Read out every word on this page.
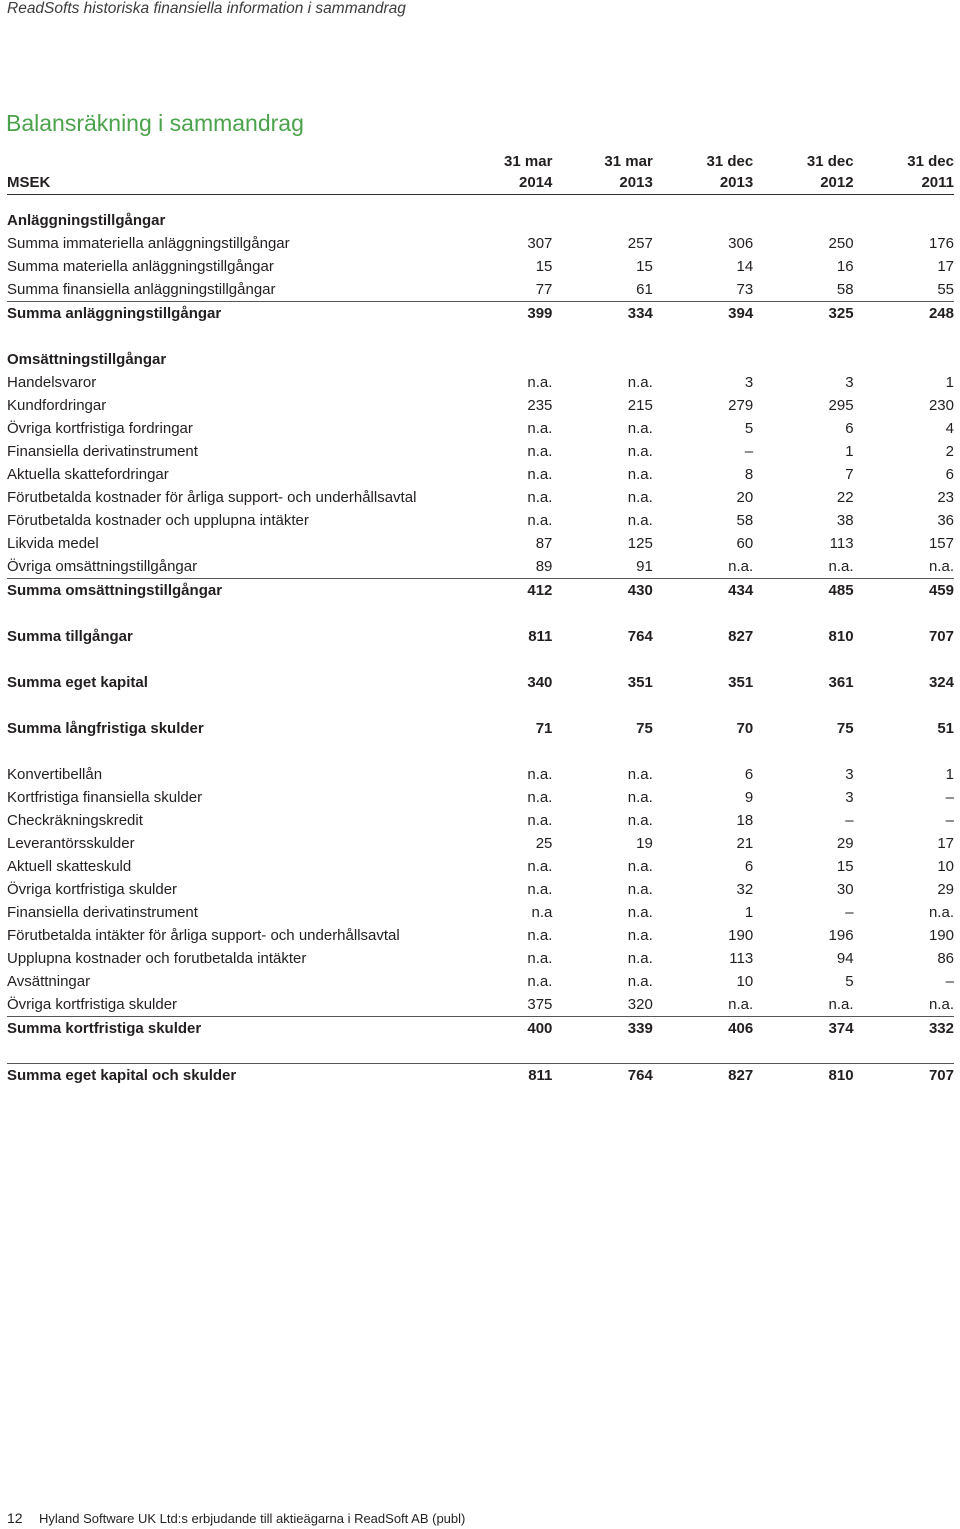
ReadSofts historiska finansiella information i sammandrag
Balansräkning i sammandrag
	31 mar	31 mar	31 dec	31 dec	31 dec
MSEK	2014	2013	2013	2012	2011

Anläggningstillgångar					
Summa immateriella anläggningstillgångar	307	257	306	250	176
Summa materiella anläggningstillgångar	15	15	14	16	17
Summa finansiella anläggningstillgångar	77	61	73	58	55
Summa anläggningstillgångar	399	334	394	325	248

Omsättningstillgångar					
Handelsvaror	n.a.	n.a.	3	3	1
Kundfordringar	235	215	279	295	230
Övriga kortfristiga fordringar	n.a.	n.a.	5	6	4
Finansiella derivatinstrument	n.a.	n.a.	–	1	2
Aktuella skattefordringar	n.a.	n.a.	8	7	6
Förutbetalda kostnader för årliga support- och underhållsavtal	n.a.	n.a.	20	22	23
Förutbetalda kostnader och upplupna intäkter	n.a.	n.a.	58	38	36
Likvida medel	87	125	60	113	157
Övriga omsättningstillgångar	89	91	n.a.	n.a.	n.a.
Summa omsättningstillgångar	412	430	434	485	459

Summa tillgångar	811	764	827	810	707

Summa eget kapital	340	351	351	361	324

Summa långfristiga skulder	71	75	70	75	51

Konvertibellån	n.a.	n.a.	6	3	1
Kortfristiga finansiella skulder	n.a.	n.a.	9	3	–
Checkräkningskredit	n.a.	n.a.	18	–	–
Leverantörsskulder	25	19	21	29	17
Aktuell skatteskuld	n.a.	n.a.	6	15	10
Övriga kortfristiga skulder	n.a.	n.a.	32	30	29
Finansiella derivatinstrument	n.a	n.a.	1	–	n.a.
Förutbetalda intäkter för årliga support- och underhållsavtal	n.a.	n.a.	190	196	190
Upplupna kostnader och forutbetalda intäkter	n.a.	n.a.	113	94	86
Avsättningar	n.a.	n.a.	10	5	–
Övriga kortfristiga skulder	375	320	n.a.	n.a.	n.a.
Summa kortfristiga skulder	400	339	406	374	332

Summa eget kapital och skulder	811	764	827	810	707
12 Hyland Software UK Ltd:s erbjudande till aktieägarna i ReadSoft AB (publ)
